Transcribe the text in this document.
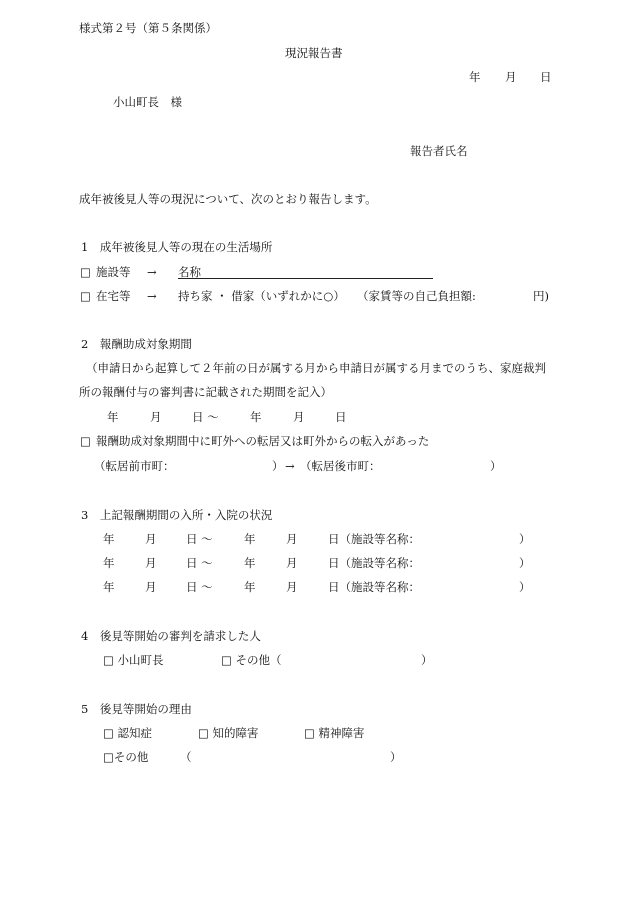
様式第２号（第５条関係）
現況報告書
年 月 日
小山町長　様
報告者氏名
成年被後見人等の現況について、次のとおり報告します。
1　成年被後見人等の現在の生活場所
□ 施設等 → 名称
□ 在宅等 → 持ち家 ・ 借家（いずれかに○） （家賃等の自己負担額:	円)
2　報酬助成対象期間
（申請日から起算して２年前の日が属する月から申請日が属する月までのうち、家庭裁判
所の報酬付与の審判書に記載された期間を記入）
年	月	日 〜	年	月	日
□ 報酬助成対象期間中に町外への転居又は町外からの転入があった
（転居前市町：	） → （転居後市町：	）
3　上記報酬期間の入所・入院の状況
年	月	日 〜	年	月	日（施設等名称：	）
年	月	日 〜	年	月	日（施設等名称：	）
年	月	日 〜	年	月	日（施設等名称：	）
4　後見等開始の審判を請求した人
□ 小山町長	□ その他（	）
5　後見等開始の理由
□ 認知症	□ 知的障害	□ 精神障害
□その他	（	）
